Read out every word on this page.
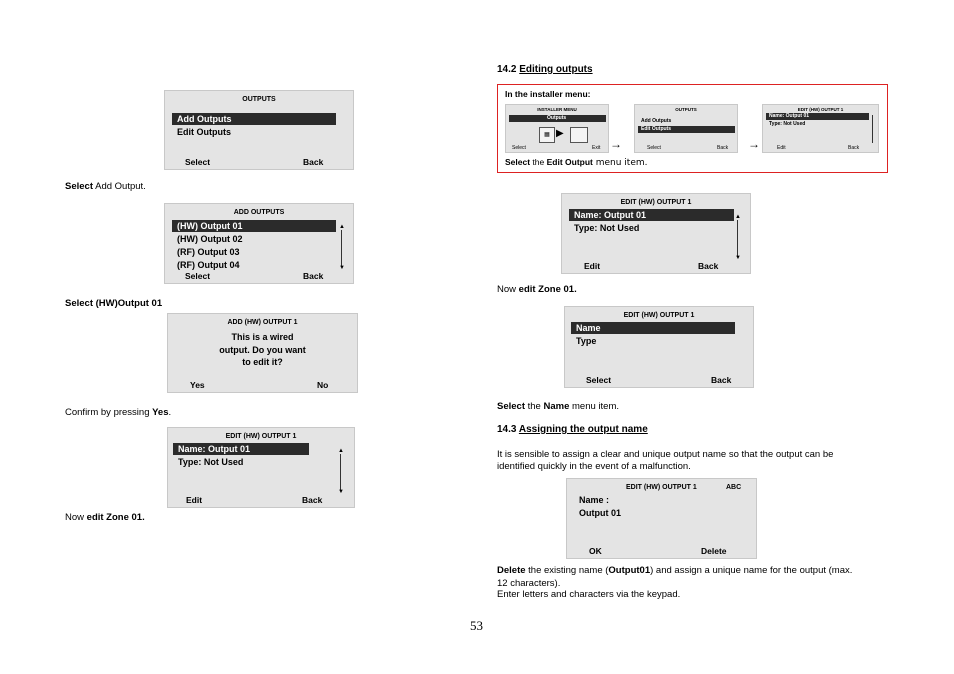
OUTPUTS
Add Outputs
Edit Outputs
Select	Back
Select Add Output.
ADD OUTPUTS
(HW) Output 01
(HW) Output 02
(RF) Output 03
(RF) Output 04
▲
▼
Select	Back
Select (HW)Output 01
ADD (HW) OUTPUT 1
This is a wired
output. Do you want
to edit it?
Yes	No
Confirm by pressing Yes.
EDIT (HW) OUTPUT 1
Name: Output 01
Type: Not Used
▲
▼
Edit	Back
Now edit Zone 01.
14.2 Editing outputs
In the installer menu:
INSTALLER MENU
Outputs
▦ ▶
Select	Exit →
OUTPUTS
Add Outputs
Edit Outputs
Select	Back →
EDIT (HW) OUTPUT 1
Name: Output 01
Type: Not Used
Edit	Back
Select the Edit Output menu item.
EDIT (HW) OUTPUT 1
Name: Output 01
Type: Not Used
▲
▼
Edit	Back
Now edit Zone 01.
EDIT (HW) OUTPUT 1
Name
Type
Select	Back
Select the Name menu item.
14.3 Assigning the output name
It is sensible to assign a clear and unique output name so that the output can be
identified quickly in the event of a malfunction.
EDIT (HW) OUTPUT 1	ABC
Name :
Output 01
OK	Delete
Delete the existing name (Output01) and assign a unique name for the output (max.
12 characters).
Enter letters and characters via the keypad.
53
